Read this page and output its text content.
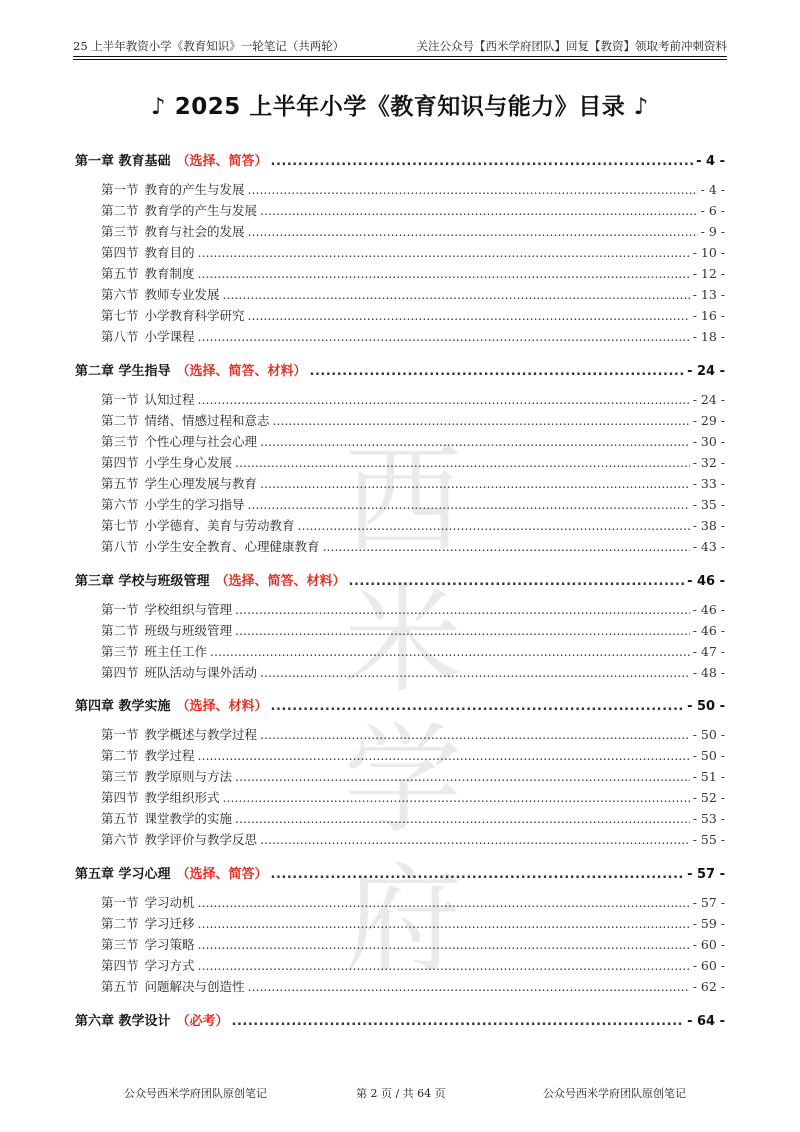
25 上半年教资小学《教育知识》一轮笔记（共两轮）	关注公众号【西米学府团队】回复【教资】领取考前冲刺资料
♪ 2025 上半年小学《教育知识与能力》目录 ♪
西米
学府
第一章 教育基础 （选择、简答） .....	- 4 -
第一节 教育的产生与发展 .....	- 4 -
第二节 教育学的产生与发展 .....	- 6 -
第三节 教育与社会的发展 .....	- 9 -
第四节 教育目的 .....	- 10 -
第五节 教育制度 .....	- 12 -
第六节 教师专业发展 .....	- 13 -
第七节 小学教育科学研究 .....	- 16 -
第八节 小学课程 .....	- 18 -
第二章 学生指导 （选择、简答、材料） .....	- 24 -
第一节 认知过程 .....	- 24 -
第二节 情绪、情感过程和意志 .....	- 29 -
第三节 个性心理与社会心理 .....	- 30 -
第四节 小学生身心发展 .....	- 32 -
第五节 学生心理发展与教育 .....	- 33 -
第六节 小学生的学习指导 .....	- 35 -
第七节 小学德育、美育与劳动教育 .....	- 38 -
第八节 小学生安全教育、心理健康教育 .....	- 43 -
第三章 学校与班级管理 （选择、简答、材料） .....	- 46 -
第一节 学校组织与管理 .....	- 46 -
第二节 班级与班级管理 .....	- 46 -
第三节 班主任工作 .....	- 47 -
第四节 班队活动与课外活动 .....	- 48 -
第四章 教学实施 （选择、材料） .....	- 50 -
第一节 教学概述与教学过程 .....	- 50 -
第二节 教学过程 .....	- 50 -
第三节 教学原则与方法 .....	- 51 -
第四节 教学组织形式 .....	- 52 -
第五节 课堂教学的实施 .....	- 53 -
第六节 教学评价与教学反思 .....	- 55 -
第五章 学习心理 （选择、简答） .....	- 57 -
第一节 学习动机 .....	- 57 -
第二节 学习迁移 .....	- 59 -
第三节 学习策略 .....	- 60 -
第四节 学习方式 .....	- 60 -
第五节 问题解决与创造性 .....	- 62 -
第六章 教学设计 （必考） .....	- 64 -
公众号西米学府团队原创笔记	第 2 页 / 共 64 页	公众号西米学府团队原创笔记
